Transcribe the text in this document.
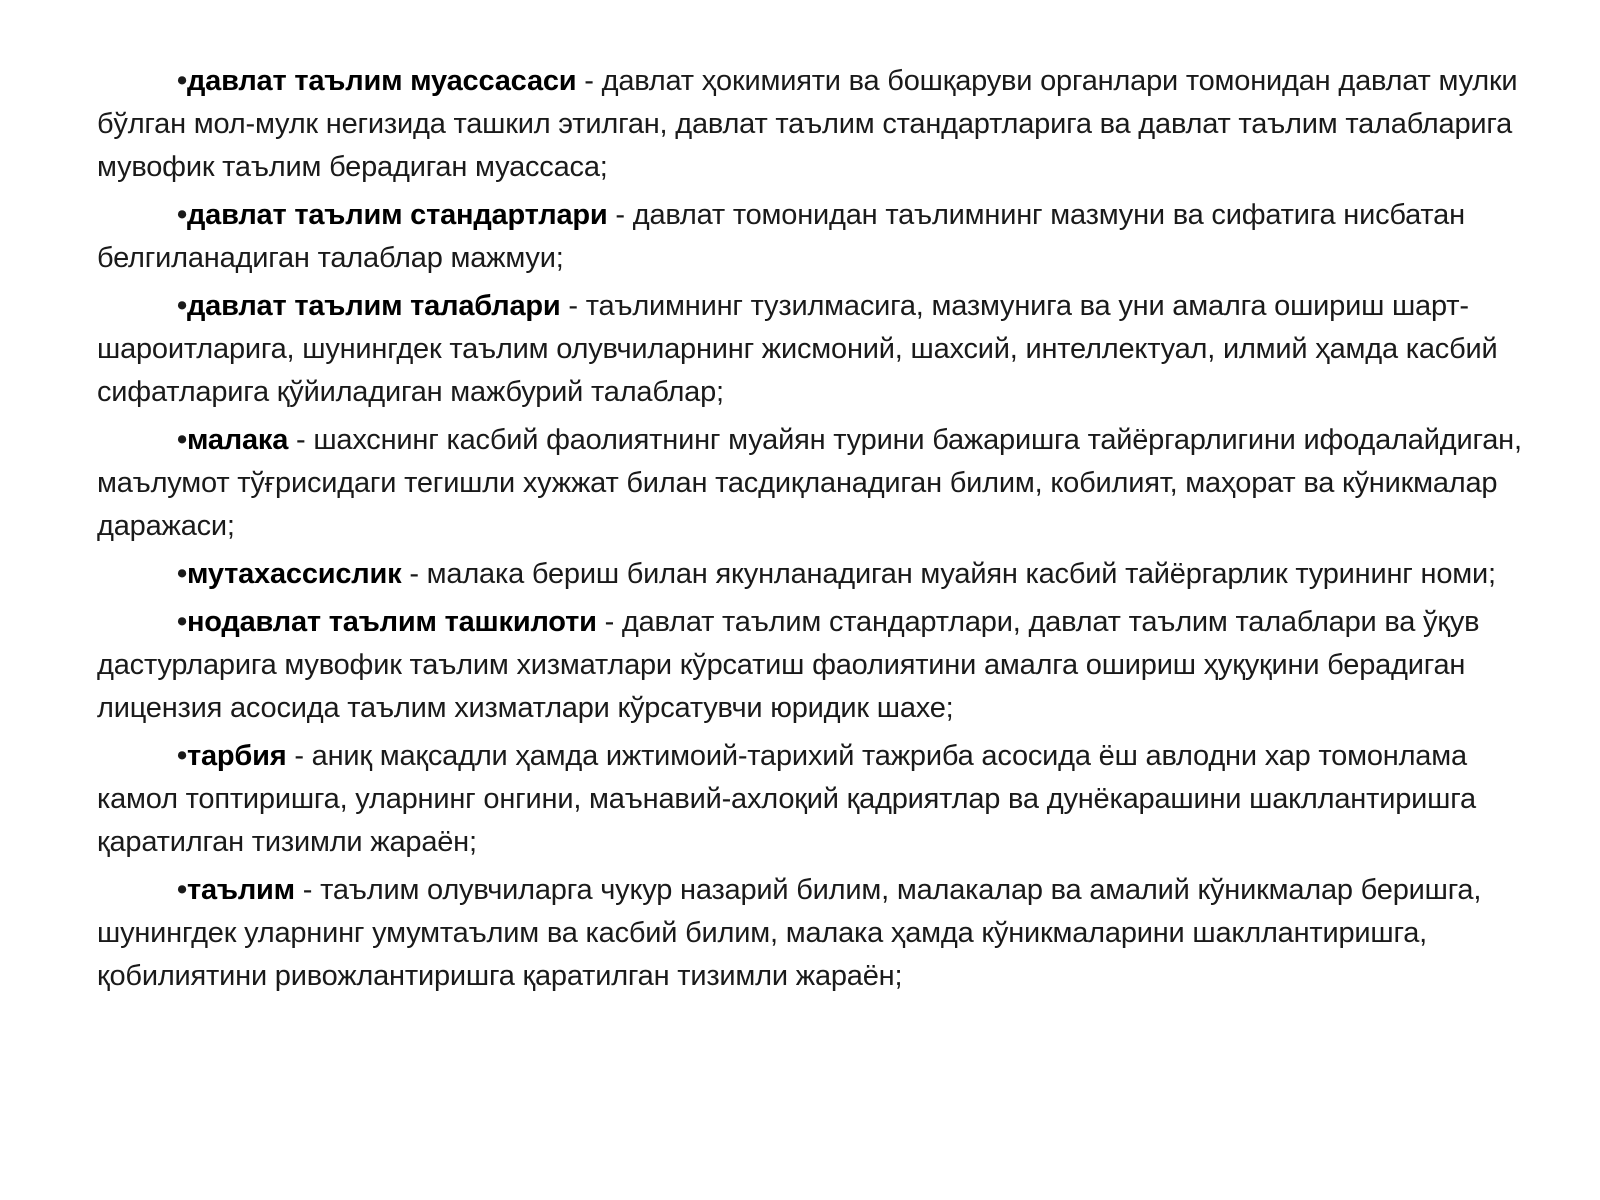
•давлат таълим муассасаси - давлат ҳокимияти ва бошқаруви органлари томонидан давлат мулки бўлган мол-мулк негизида ташкил этилган, давлат таълим стандартларига ва давлат таълим талабларига мувофик таълим берадиган муассаса;

•давлат таълим стандартлари - давлат томонидан таълимнинг мазмуни ва сифатига нисбатан белгиланадиган талаблар мажмуи;

•давлат таълим талаблари - таълимнинг тузилмасига, мазмунига ва уни амалга ошириш шарт-шароитларига, шунингдек таълим олувчиларнинг жисмоний, шахсий, интеллектуал, илмий ҳамда касбий сифатларига қўйиладиган мажбурий талаблар;

•малака - шахснинг касбий фаолиятнинг муайян турини бажаришга тайёргарлигини ифодалайдиган, маълумот тўғрисидаги тегишли хужжат билан тасдиқланадиган билим, кобилият, маҳорат ва кўникмалар даражаси;

•мутахассислик - малака бериш билан якунланадиган муайян касбий тайёргарлик турининг номи;

•нодавлат таълим ташкилоти - давлат таълим стандартлари, давлат таълим талаблари ва ўқув дастурларига мувофик таълим хизматлари кўрсатиш фаолиятини амалга ошириш ҳуқуқини берадиган лицензия асосида таълим хизматлари кўрсатувчи юридик шахе;

•тарбия - аниқ мақсадли ҳамда ижтимоий-тарихий тажриба асосида ёш авлодни хар томонлама камол топтиришга, уларнинг онгини, маънавий-ахлоқий қадриятлар ва дунёкарашини шакллантиришга қаратилган тизимли жараён;

•таълим - таълим олувчиларга чукур назарий билим, малакалар ва амалий кўникмалар беришга, шунингдек уларнинг умумтаълим ва касбий билим, малака ҳамда кўникмаларини шакллантиришга, қобилиятини ривожлантиришга қаратилган тизимли жараён;
